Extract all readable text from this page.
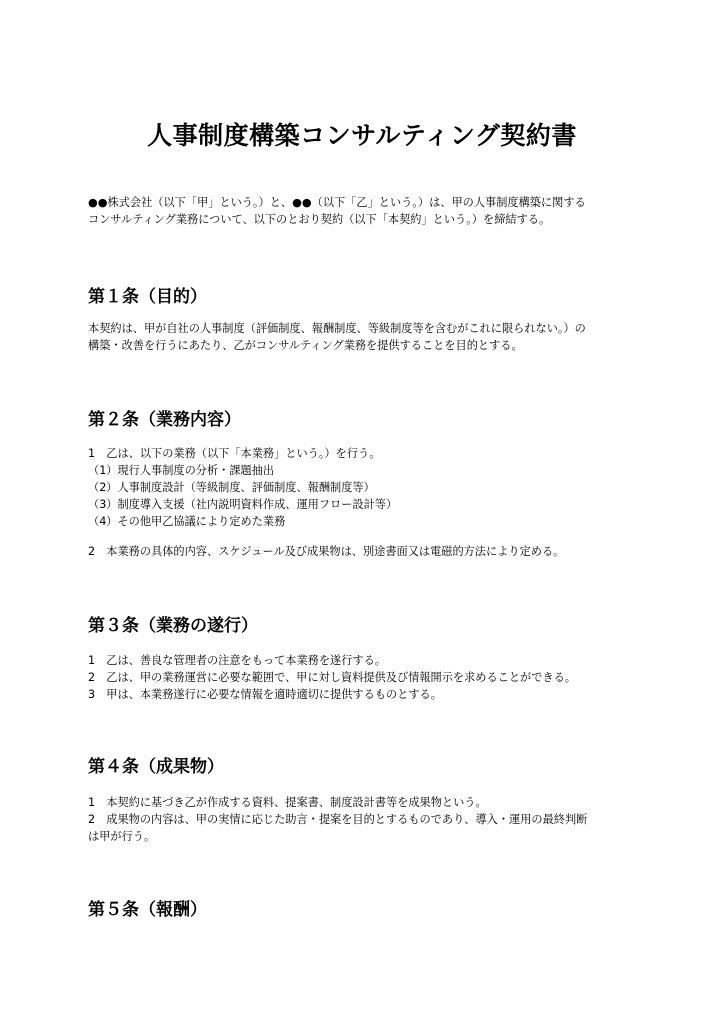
人事制度構築コンサルティング契約書
●●株式会社（以下「甲」という。）と、●●（以下「乙」という。）は、甲の人事制度構築に関する
コンサルティング業務について、以下のとおり契約（以下「本契約」という。）を締結する。
第１条（目的）
本契約は、甲が自社の人事制度（評価制度、報酬制度、等級制度等を含むがこれに限られない。）の
構築・改善を行うにあたり、乙がコンサルティング業務を提供することを目的とする。
第２条（業務内容）
1　乙は、以下の業務（以下「本業務」という。）を行う。
（1）現行人事制度の分析・課題抽出
（2）人事制度設計（等級制度、評価制度、報酬制度等）
（3）制度導入支援（社内説明資料作成、運用フロー設計等）
（4）その他甲乙協議により定めた業務
2　本業務の具体的内容、スケジュール及び成果物は、別途書面又は電磁的方法により定める。
第３条（業務の遂行）
1　乙は、善良な管理者の注意をもって本業務を遂行する。
2　乙は、甲の業務運営に必要な範囲で、甲に対し資料提供及び情報開示を求めることができる。
3　甲は、本業務遂行に必要な情報を適時適切に提供するものとする。
第４条（成果物）
1　本契約に基づき乙が作成する資料、提案書、制度設計書等を成果物という。
2　成果物の内容は、甲の実情に応じた助言・提案を目的とするものであり、導入・運用の最終判断
は甲が行う。
第５条（報酬）
